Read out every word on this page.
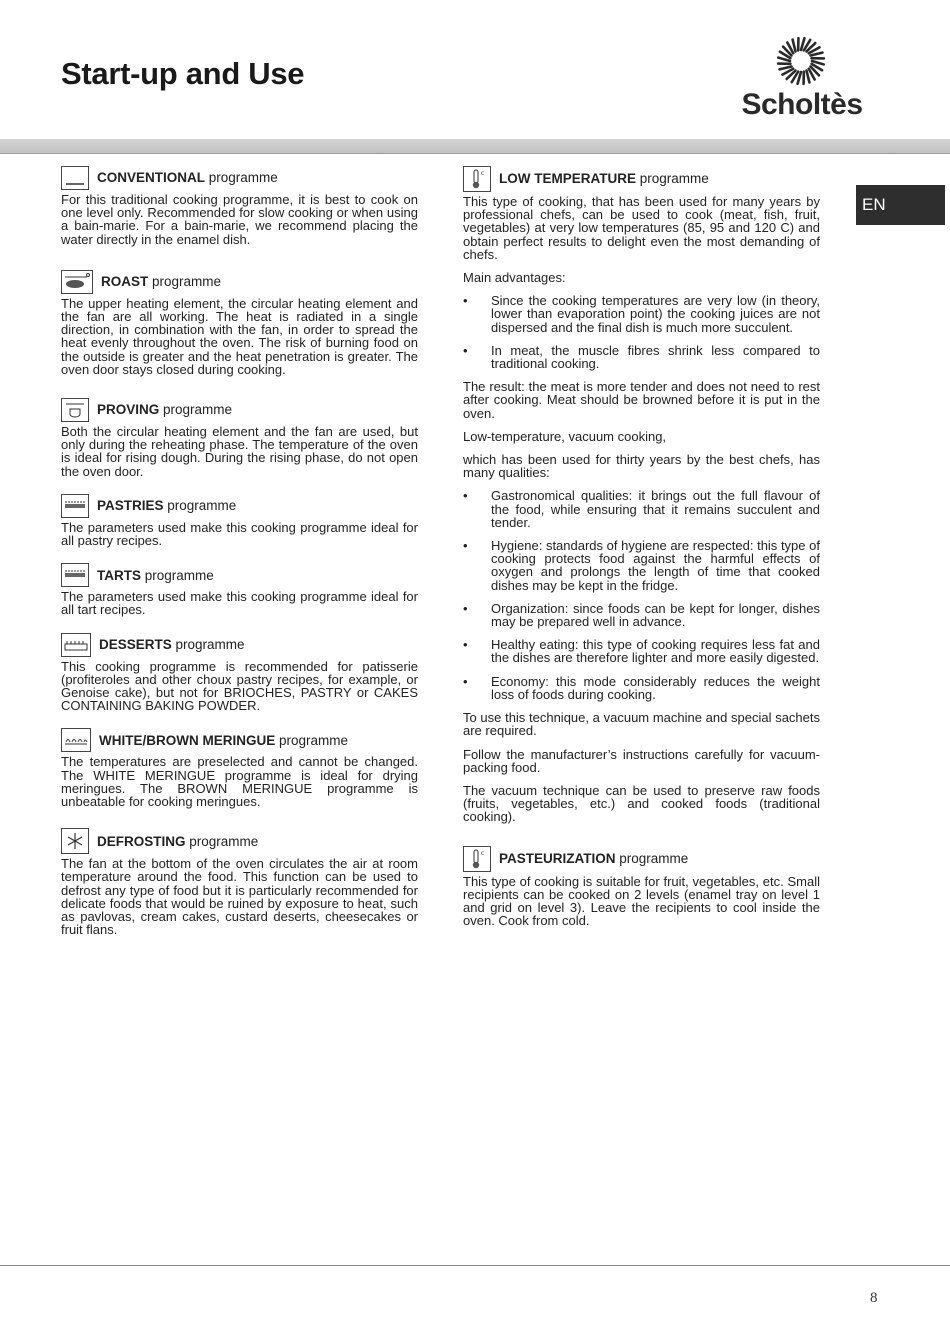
Start-up and Use
Scholtès
EN
CONVENTIONAL programme

For this traditional cooking programme, it is best to cook on one level only. Recommended for slow cooking or when using a bain-marie. For a bain-marie, we recommend placing the water directly in the enamel dish.

ROAST programme

The upper heating element, the circular heating element and the fan are all working. The heat is radiated in a single direction, in combination with the fan, in order to spread the heat evenly throughout the oven. The risk of burning food on the outside is greater and the heat penetration is greater. The oven door stays closed during cooking.

PROVING programme

Both the circular heating element and the fan are used, but only during the reheating phase. The temperature of the oven is ideal for rising dough. During the rising phase, do not open the oven door.

PASTRIES programme

The parameters used make this cooking programme ideal for all pastry recipes.

TARTS programme

The parameters used make this cooking programme ideal for all tart recipes.

DESSERTS programme

This cooking programme is recommended for patisserie (profiteroles and other choux pastry recipes, for example, or Genoise cake), but not for BRIOCHES, PASTRY or CAKES CONTAINING BAKING POWDER.

WHITE/BROWN MERINGUE programme

The temperatures are preselected and cannot be changed. The WHITE MERINGUE programme is ideal for drying meringues. The BROWN MERINGUE programme is unbeatable for cooking meringues.

DEFROSTING programme

The fan at the bottom of the oven circulates the air at room temperature around the food. This function can be used to defrost any type of food but it is particularly recommended for delicate foods that would be ruined by exposure to heat, such as pavlovas, cream cakes, custard deserts, cheesecakes or fruit flans.

c LOW TEMPERATURE programme

This type of cooking, that has been used for many years by professional chefs, can be used to cook (meat, fish, fruit, vegetables) at very low temperatures (85, 95 and 120 C) and obtain perfect results to delight even the most demanding of chefs.

Main advantages:

• Since the cooking temperatures are very low (in theory, lower than evaporation point) the cooking juices are not dispersed and the final dish is much more succulent.
• In meat, the muscle fibres shrink less compared to traditional cooking.

The result: the meat is more tender and does not need to rest after cooking. Meat should be browned before it is put in the oven.

Low-temperature, vacuum cooking,

which has been used for thirty years by the best chefs, has many qualities:

• Gastronomical qualities: it brings out the full flavour of the food, while ensuring that it remains succulent and tender.
• Hygiene: standards of hygiene are respected: this type of cooking protects food against the harmful effects of oxygen and prolongs the length of time that cooked dishes may be kept in the fridge.
• Organization: since foods can be kept for longer, dishes may be prepared well in advance.
• Healthy eating: this type of cooking requires less fat and the dishes are therefore lighter and more easily digested.
• Economy: this mode considerably reduces the weight loss of foods during cooking.

To use this technique, a vacuum machine and special sachets are required.

Follow the manufacturer’s instructions carefully for vacuum-packing food.

The vacuum technique can be used to preserve raw foods (fruits, vegetables, etc.) and cooked foods (traditional cooking).

c PASTEURIZATION programme

This type of cooking is suitable for fruit, vegetables, etc. Small recipients can be cooked on 2 levels (enamel tray on level 1 and grid on level 3). Leave the recipients to cool inside the oven. Cook from cold.

8
